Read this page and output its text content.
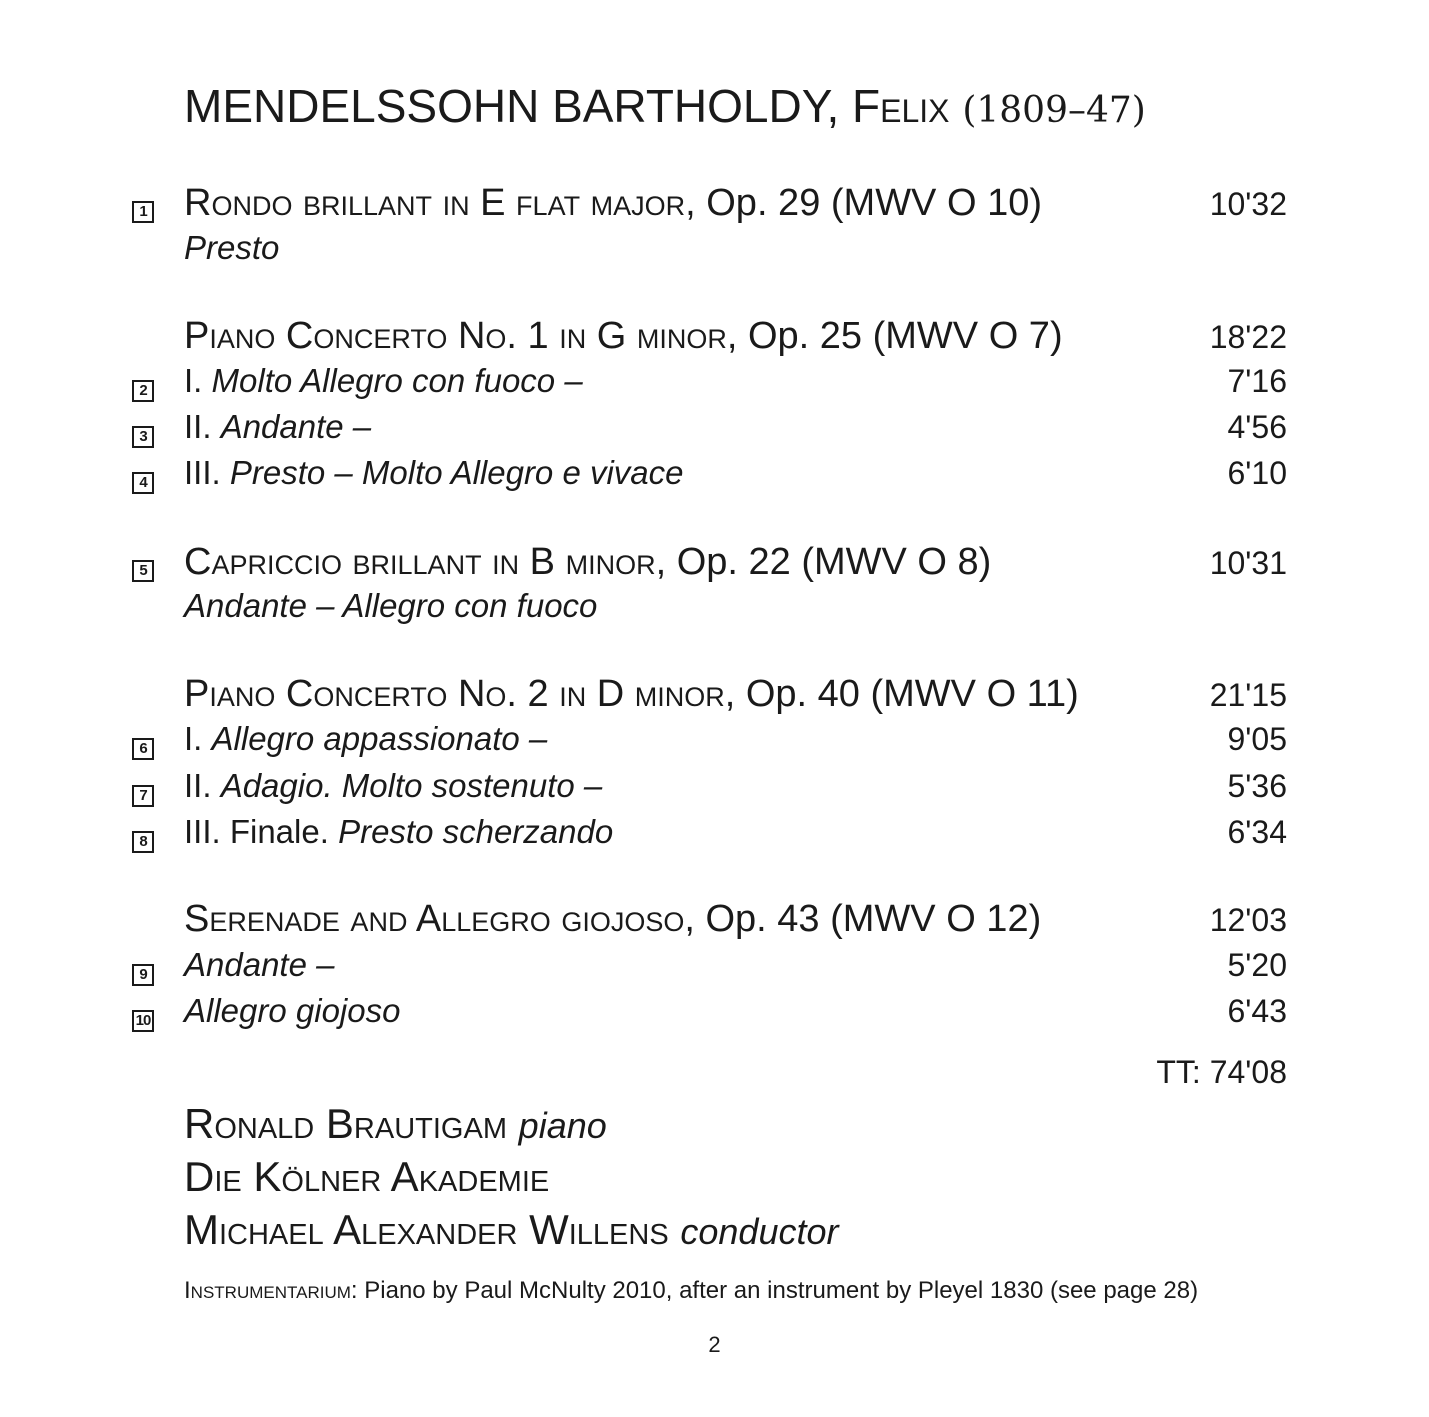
MENDELSSOHN BARTHOLDY, Felix (1809–47)
1 Rondo brillant in E flat major, Op. 29 (MWV O 10)	10'32
Presto
Piano Concerto No. 1 in G minor, Op. 25 (MWV O 7)	18'22
2	I. Molto Allegro con fuoco –	7'16
3	II. Andante –	4'56
4	III. Presto – Molto Allegro e vivace	6'10
5 Capriccio brillant in B minor, Op. 22 (MWV O 8)	10'31
Andante – Allegro con fuoco
Piano Concerto No. 2 in D minor, Op. 40 (MWV O 11)	21'15
6	I. Allegro appassionato –	9'05
7	II. Adagio. Molto sostenuto –	5'36
8	III. Finale. Presto scherzando	6'34
Serenade and Allegro giojoso, Op. 43 (MWV O 12)	12'03
9	Andante –	5'20
10	Allegro giojoso	6'43
TT: 74'08
Ronald Brautigam piano
Die Kölner Akademie
Michael Alexander Willens conductor
Instrumentarium: Piano by Paul McNulty 2010, after an instrument by Pleyel 1830 (see page 28)
2
